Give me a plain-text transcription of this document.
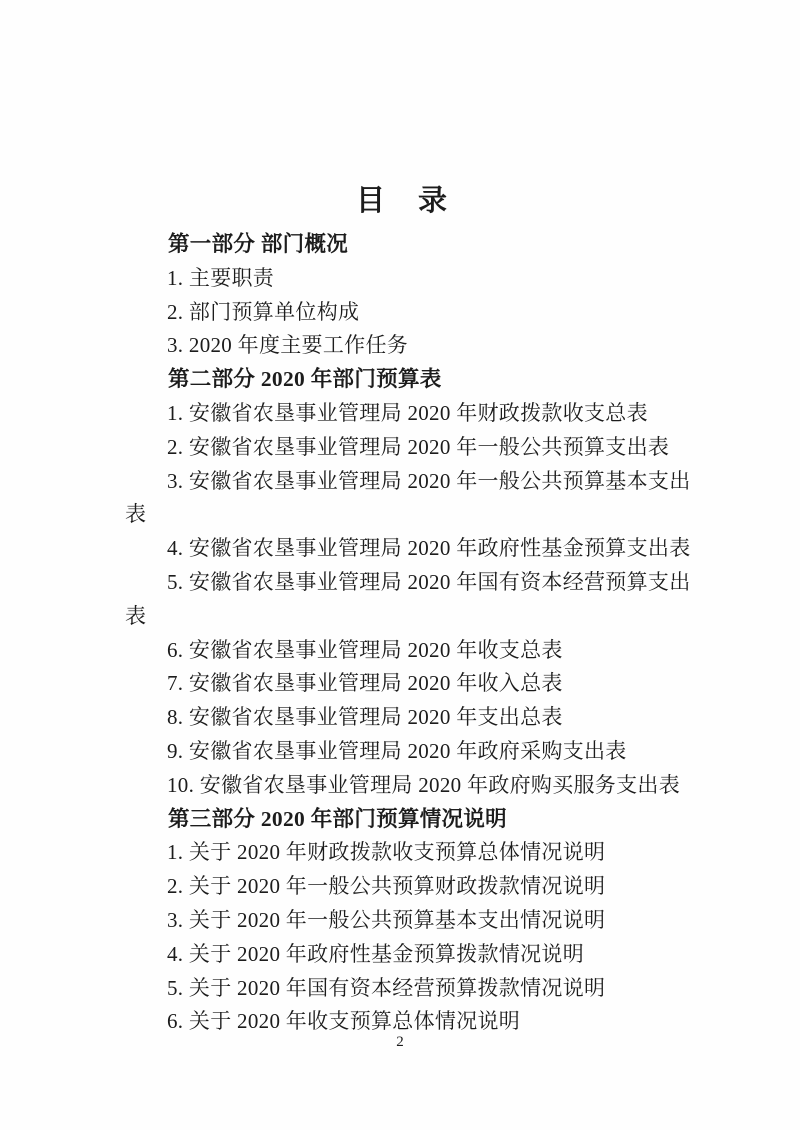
目　录
第一部分 部门概况
1. 主要职责
2. 部门预算单位构成
3. 2020 年度主要工作任务
第二部分 2020 年部门预算表
1. 安徽省农垦事业管理局 2020 年财政拨款收支总表
2. 安徽省农垦事业管理局 2020 年一般公共预算支出表
3. 安徽省农垦事业管理局 2020 年一般公共预算基本支出
表
4. 安徽省农垦事业管理局 2020 年政府性基金预算支出表
5. 安徽省农垦事业管理局 2020 年国有资本经营预算支出
表
6. 安徽省农垦事业管理局 2020 年收支总表
7. 安徽省农垦事业管理局 2020 年收入总表
8. 安徽省农垦事业管理局 2020 年支出总表
9. 安徽省农垦事业管理局 2020 年政府采购支出表
10. 安徽省农垦事业管理局 2020 年政府购买服务支出表
第三部分 2020 年部门预算情况说明
1. 关于 2020 年财政拨款收支预算总体情况说明
2. 关于 2020 年一般公共预算财政拨款情况说明
3. 关于 2020 年一般公共预算基本支出情况说明
4. 关于 2020 年政府性基金预算拨款情况说明
5. 关于 2020 年国有资本经营预算拨款情况说明
6. 关于 2020 年收支预算总体情况说明
2
